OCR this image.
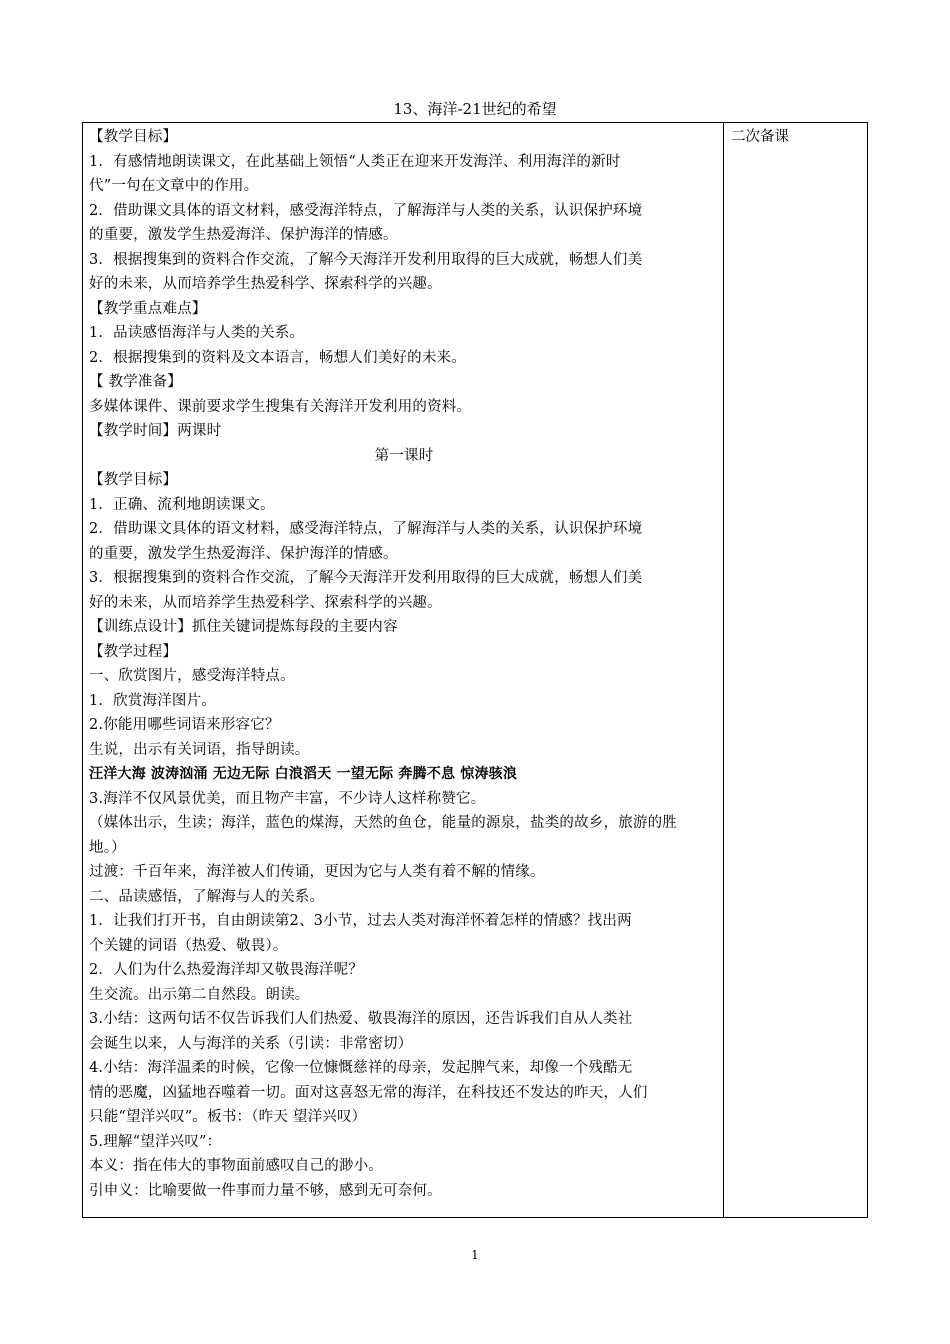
13、海洋-21世纪的希望
【教学目标】
1．有感情地朗读课文，在此基础上领悟“人类正在迎来开发海洋、利用海洋的新时
代”一句在文章中的作用。
2．借助课文具体的语文材料，感受海洋特点，了解海洋与人类的关系，认识保护环境
的重要，激发学生热爱海洋、保护海洋的情感。
3．根据搜集到的资料合作交流，了解今天海洋开发利用取得的巨大成就，畅想人们美
好的未来，从而培养学生热爱科学、探索科学的兴趣。
【教学重点难点】
1．品读感悟海洋与人类的关系。
2．根据搜集到的资料及文本语言，畅想人们美好的未来。
【 教学准备】
多媒体课件、课前要求学生搜集有关海洋开发利用的资料。
【教学时间】两课时
第一课时
【教学目标】
1．正确、流利地朗读课文。
2．借助课文具体的语文材料，感受海洋特点，了解海洋与人类的关系，认识保护环境
的重要，激发学生热爱海洋、保护海洋的情感。
3．根据搜集到的资料合作交流，了解今天海洋开发利用取得的巨大成就，畅想人们美
好的未来，从而培养学生热爱科学、探索科学的兴趣。
【训练点设计】抓住关键词提炼每段的主要内容
【教学过程】
一、欣赏图片，感受海洋特点。
1．欣赏海洋图片。
2.你能用哪些词语来形容它？
生说，出示有关词语，指导朗读。
汪洋大海 波涛汹涌 无边无际 白浪滔天 一望无际 奔腾不息 惊涛骇浪
3.海洋不仅风景优美，而且物产丰富，不少诗人这样称赞它。
（媒体出示，生读；海洋，蓝色的煤海，天然的鱼仓，能量的源泉，盐类的故乡，旅游的胜
地。）
过渡：千百年来，海洋被人们传诵，更因为它与人类有着不解的情缘。
二、品读感悟，了解海与人的关系。
1．让我们打开书，自由朗读第2、3小节，过去人类对海洋怀着怎样的情感？找出两
个关键的词语（热爱、敬畏）。
2．人们为什么热爱海洋却又敬畏海洋呢？
生交流。出示第二自然段。朗读。
3.小结：这两句话不仅告诉我们人们热爱、敬畏海洋的原因，还告诉我们自从人类社
会诞生以来，人与海洋的关系（引读：非常密切）
4.小结：海洋温柔的时候，它像一位慷慨慈祥的母亲，发起脾气来，却像一个残酷无
情的恶魔，凶猛地吞噬着一切。面对这喜怒无常的海洋，在科技还不发达的昨天，人们
只能“望洋兴叹”。板书：（昨天 望洋兴叹）
5.理解“望洋兴叹”：
本义：指在伟大的事物面前感叹自己的渺小。
引申义：比喻要做一件事而力量不够，感到无可奈何。
二次备课
1
